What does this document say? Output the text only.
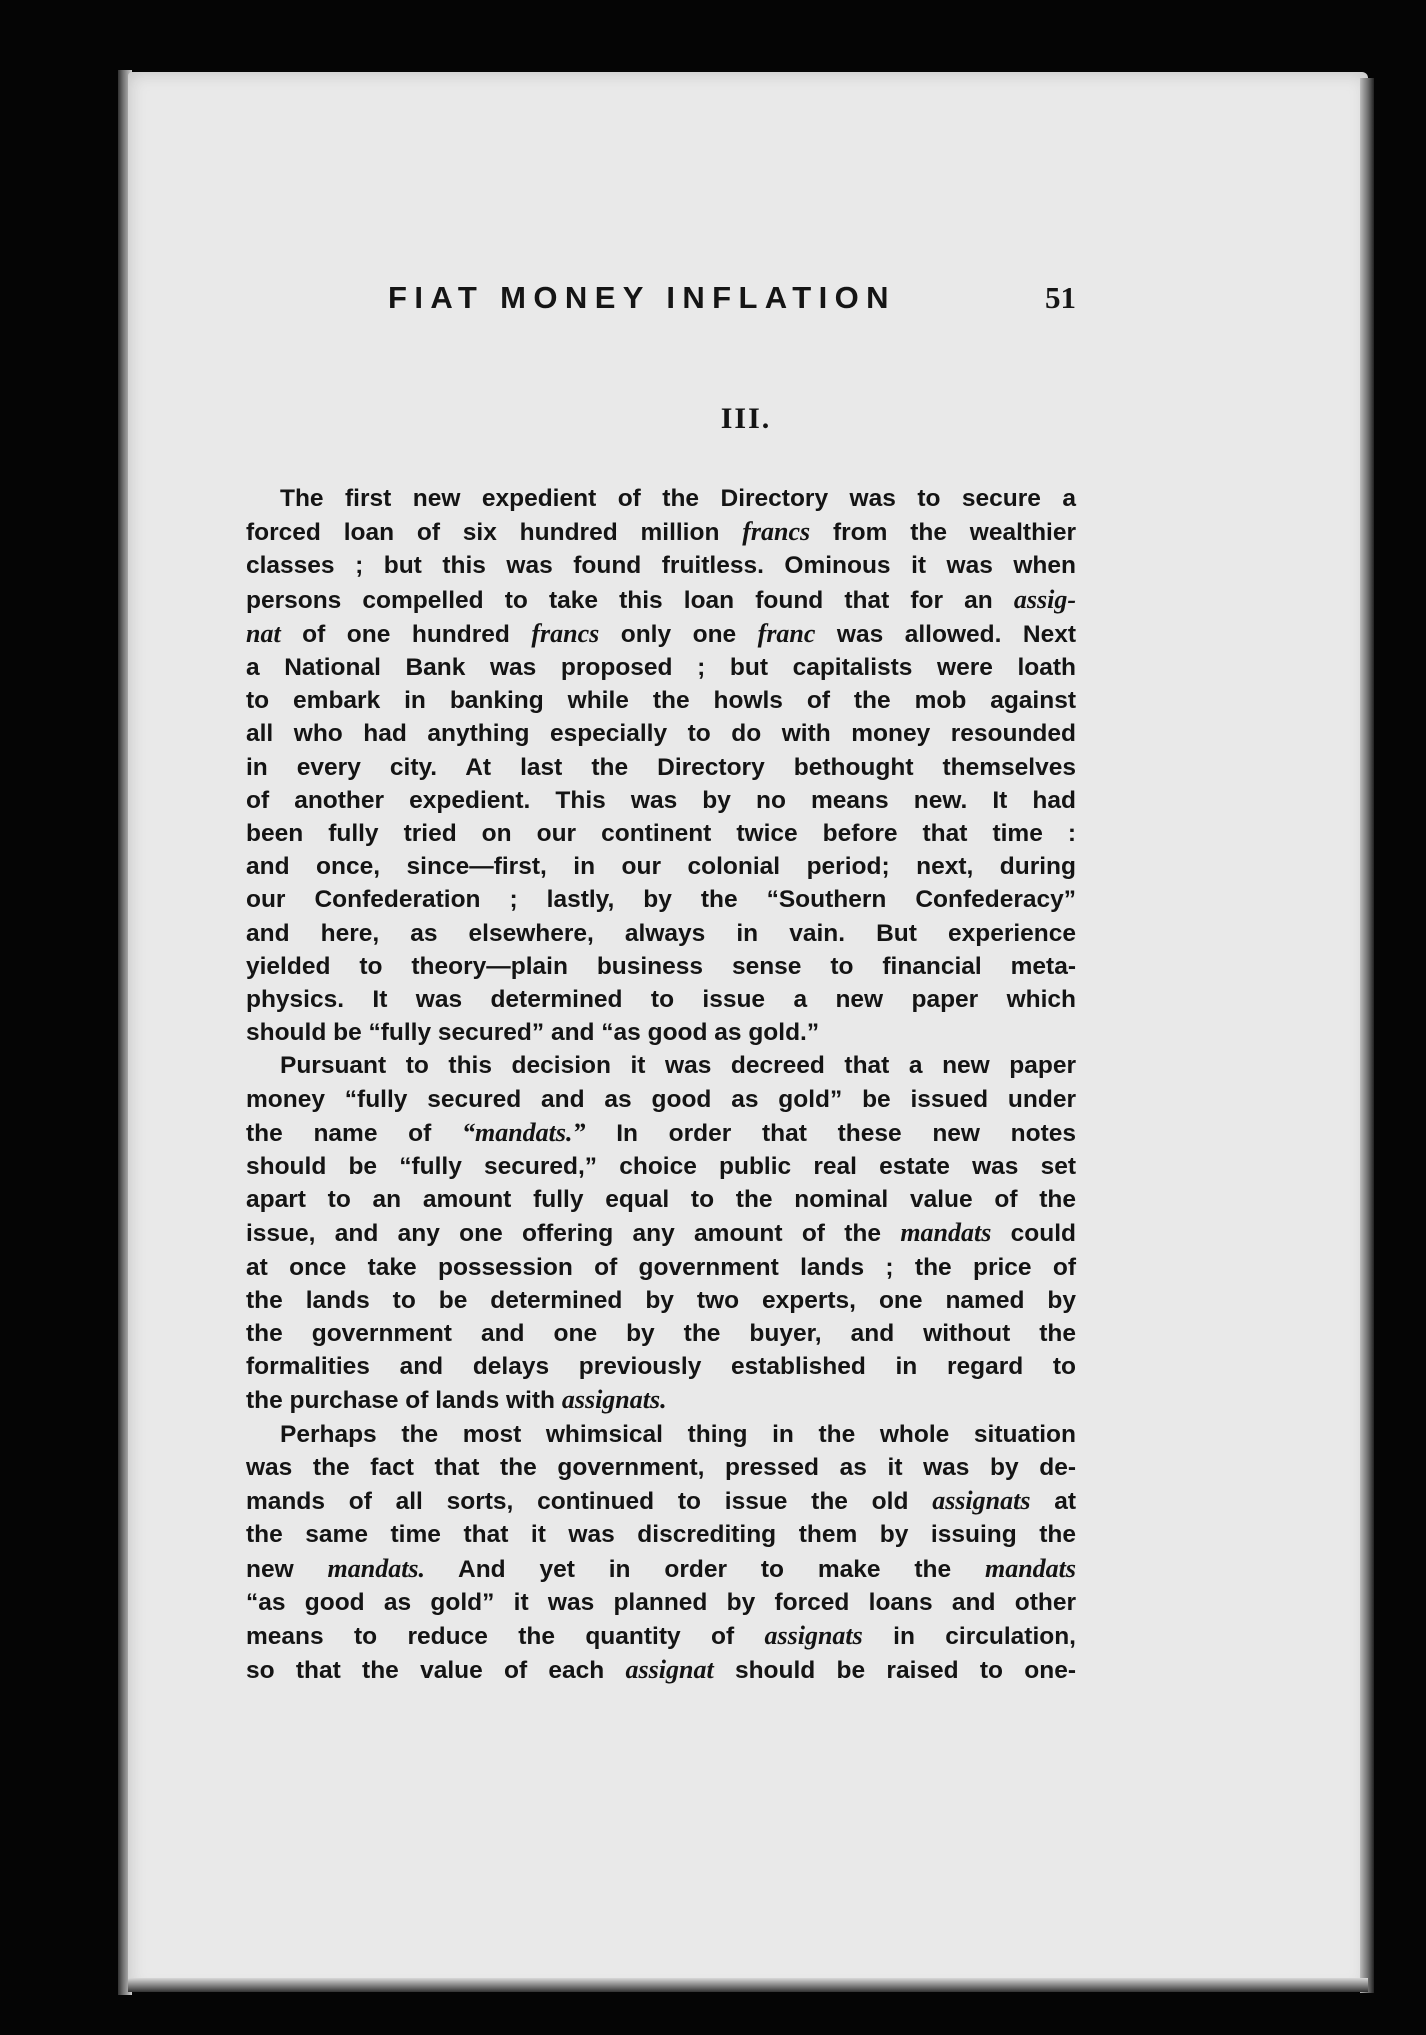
FIAT MONEY INFLATION	51
III.
The first new expedient of the Directory was to secure a
forced loan of six hundred million francs from the wealthier
classes ; but this was found fruitless. Ominous it was when
persons compelled to take this loan found that for an assig-
nat of one hundred francs only one franc was allowed. Next
a National Bank was proposed ; but capitalists were loath
to embark in banking while the howls of the mob against
all who had anything especially to do with money resounded
in every city. At last the Directory bethought themselves
of another expedient. This was by no means new. It had
been fully tried on our continent twice before that time :
and once, since—first, in our colonial period; next, during
our Confederation ; lastly, by the “Southern Confederacy”
and here, as elsewhere, always in vain. But experience
yielded to theory—plain business sense to financial meta-
physics. It was determined to issue a new paper which
should be “fully secured” and “as good as gold.”
Pursuant to this decision it was decreed that a new paper
money “fully secured and as good as gold” be issued under
the name of “mandats.” In order that these new notes
should be “fully secured,” choice public real estate was set
apart to an amount fully equal to the nominal value of the
issue, and any one offering any amount of the mandats could
at once take possession of government lands ; the price of
the lands to be determined by two experts, one named by
the government and one by the buyer, and without the
formalities and delays previously established in regard to
the purchase of lands with assignats.
Perhaps the most whimsical thing in the whole situation
was the fact that the government, pressed as it was by de-
mands of all sorts, continued to issue the old assignats at
the same time that it was discrediting them by issuing the
new mandats. And yet in order to make the mandats
“as good as gold” it was planned by forced loans and other
means to reduce the quantity of assignats in circulation,
so that the value of each assignat should be raised to one-
